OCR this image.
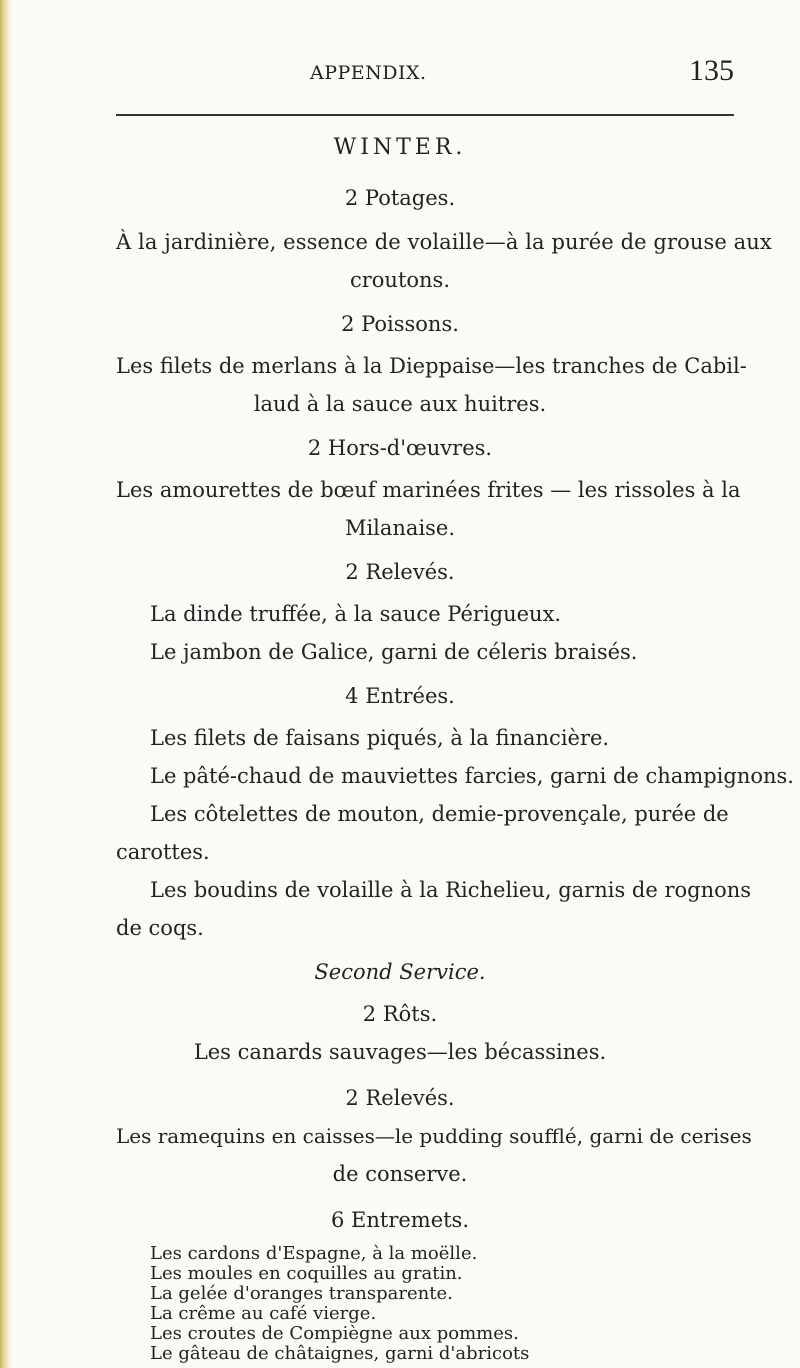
APPENDIX.	135
WINTER.
2 Potages.
À la jardinière, essence de volaille—à la purée de grouse aux
croutons.
2 Poissons.
Les filets de merlans à la Dieppaise—les tranches de Cabil-
laud à la sauce aux huitres.
2 Hors-d'œuvres.
Les amourettes de bœuf marinées frites — les rissoles à la
Milanaise.
2 Relevés.
La dinde truffée, à la sauce Périgueux.
Le jambon de Galice, garni de céleris braisés.
4 Entrées.
Les filets de faisans piqués, à la financière.
Le pâté-chaud de mauviettes farcies, garni de champignons.
Les côtelettes de mouton, demie-provençale, purée de
carottes.
Les boudins de volaille à la Richelieu, garnis de rognons
de coqs.
Second Service.
2 Rôts.
Les canards sauvages—les bécassines.
2 Relevés.
Les ramequins en caisses—le pudding soufflé, garni de cerises
de conserve.
6 Entremets.
Les cardons d'Espagne, à la moëlle.
Les moules en coquilles au gratin.
La gelée d'oranges transparente.
La crême au café vierge.
Les croutes de Compiègne aux pommes.
Le gâteau de châtaignes, garni d'abricots
